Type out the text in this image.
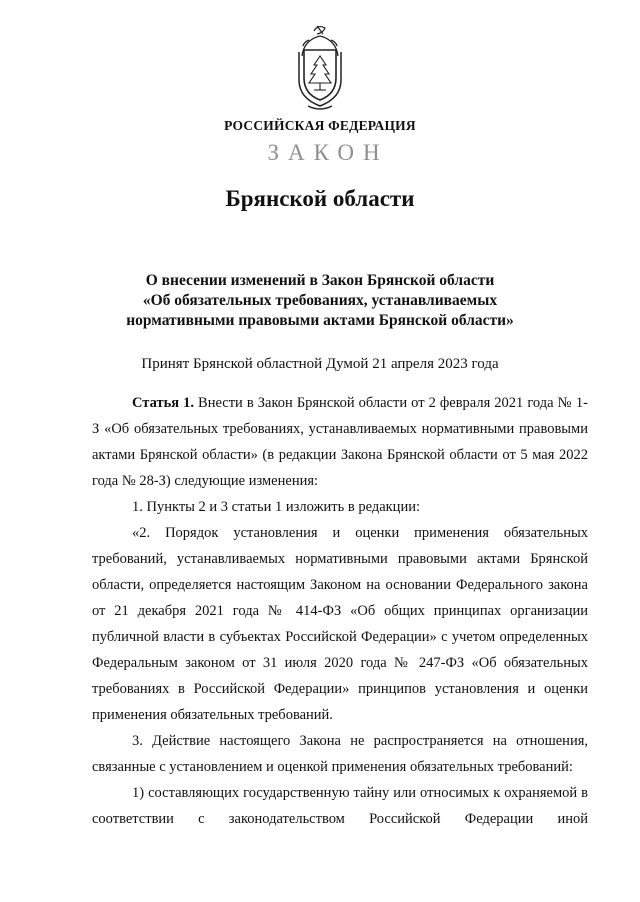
РОССИЙСКАЯ ФЕДЕРАЦИЯ
ЗАКОН
Брянской области
О внесении изменений в Закон Брянской области
«Об обязательных требованиях, устанавливаемых
нормативными правовыми актами Брянской области»
Принят Брянской областной Думой 21 апреля 2023 года

Статья 1. Внести в Закон Брянской области от 2 февраля 2021 года № 1-З «Об обязательных требованиях, устанавливаемых нормативными правовыми актами Брянской области» (в редакции Закона Брянской области от 5 мая 2022 года № 28-З) следующие изменения:

1. Пункты 2 и 3 статьи 1 изложить в редакции:

«2. Порядок установления и оценки применения обязательных требований, устанавливаемых нормативными правовыми актами Брянской области, определяется настоящим Законом на основании Федерального закона от 21 декабря 2021 года № 414-ФЗ «Об общих принципах организации публичной власти в субъектах Российской Федерации» с учетом определенных Федеральным законом от 31 июля 2020 года № 247-ФЗ «Об обязательных требованиях в Российской Федерации» принципов установления и оценки применения обязательных требований.

3. Действие настоящего Закона не распространяется на отношения, связанные с установлением и оценкой применения обязательных требований:

1) составляющих государственную тайну или относимых к охраняемой в соответствии с законодательством Российской Федерации иной
